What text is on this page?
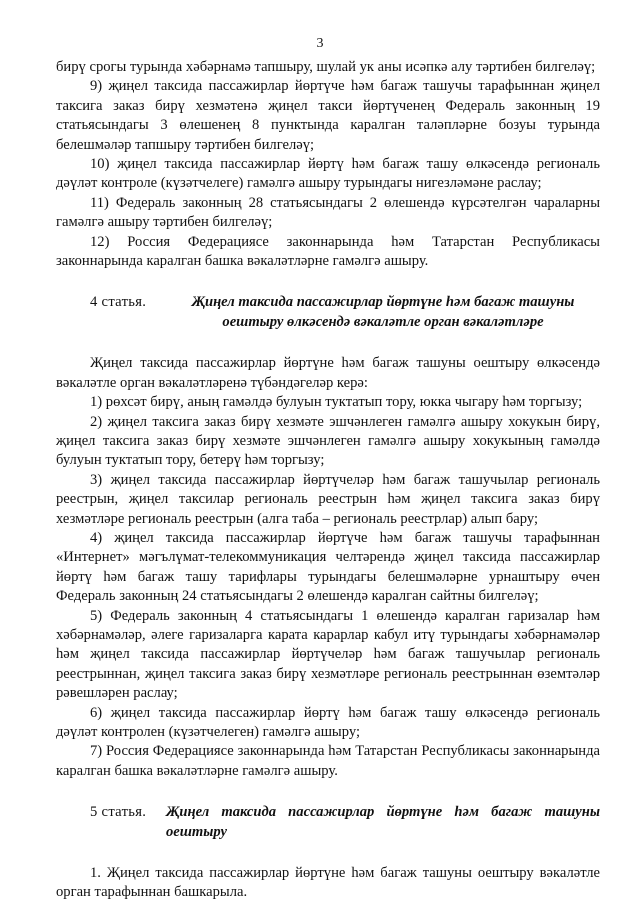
3

бирү срогы турында хәбәрнамә тапшыру, шулай ук аны исәпкә алу тәртибен билгеләү;

9) җиңел таксида пассажирлар йөртүче һәм багаж ташучы тарафыннан җиңел таксига заказ бирү хезмәтенә җиңел такси йөртүченең Федераль законның 19 статьясындагы 3 өлешенең 8 пунктында каралган таләпләрне бозуы турында белешмәләр тапшыру тәртибен билгеләү;

10) җиңел таксида пассажирлар йөртү һәм багаж ташу өлкәсендә региональ дәүләт контроле (күзәтчелеге) гамәлгә ашыру турындагы нигезләмәне раслау;

11) Федераль законның 28 статьясындагы 2 өлешендә күрсәтелгән чараларны гамәлгә ашыру тәртибен билгеләү;

12) Россия Федерациясе законнарында һәм Татарстан Республикасы законнарында каралган башка вәкаләтләрне гамәлгә ашыру.

4 статья.	Җиңел таксида пассажирлар йөртүне һәм багаж ташуны оештыру өлкәсендә вәкаләтле орган вәкаләтләре

Җиңел таксида пассажирлар йөртүне һәм багаж ташуны оештыру өлкәсендә вәкаләтле орган вәкаләтләренә түбәндәгеләр керә:

1) рөхсәт бирү, аның гамәлдә булуын туктатып тору, юкка чыгару һәм торгызу;

2) җиңел таксига заказ бирү хезмәте эшчәнлеген гамәлгә ашыру хокукын бирү, җиңел таксига заказ бирү хезмәте эшчәнлеген гамәлгә ашыру хокукының гамәлдә булуын туктатып тору, бетерү һәм торгызу;

3) җиңел таксида пассажирлар йөртүчеләр һәм багаж ташучылар региональ реестрын, җиңел таксилар региональ реестрын һәм җиңел таксига заказ бирү хезмәтләре региональ реестрын (алга таба – региональ реестрлар) алып бару;

4) җиңел таксида пассажирлар йөртүче һәм багаж ташучы тарафыннан «Интернет» мәгълүмат-телекоммуникация челтәрендә җиңел таксида пассажирлар йөртү һәм багаж ташу тарифлары турындагы белешмәләрне урнаштыру өчен Федераль законның 24 статьясындагы 2 өлешендә каралган сайтны билгеләү;

5) Федераль законның 4 статьясындагы 1 өлешендә каралган гаризалар һәм хәбәрнамәләр, әлеге гаризаларга карата карарлар кабул итү турындагы хәбәрнамәләр һәм җиңел таксида пассажирлар йөртүчеләр һәм багаж ташучылар региональ реестрыннан, җиңел таксига заказ бирү хезмәтләре региональ реестрыннан өземтәләр рәвешләрен раслау;

6) җиңел таксида пассажирлар йөртү һәм багаж ташу өлкәсендә региональ дәүләт контролен (күзәтчелеген) гамәлгә ашыру;

7) Россия Федерациясе законнарында һәм Татарстан Республикасы законнарында каралган башка вәкаләтләрне гамәлгә ашыру.

5 статья.	Җиңел таксида пассажирлар йөртүне һәм багаж ташуны оештыру

1. Җиңел таксида пассажирлар йөртүне һәм багаж ташуны оештыру вәкаләтле орган тарафыннан башкарыла.
